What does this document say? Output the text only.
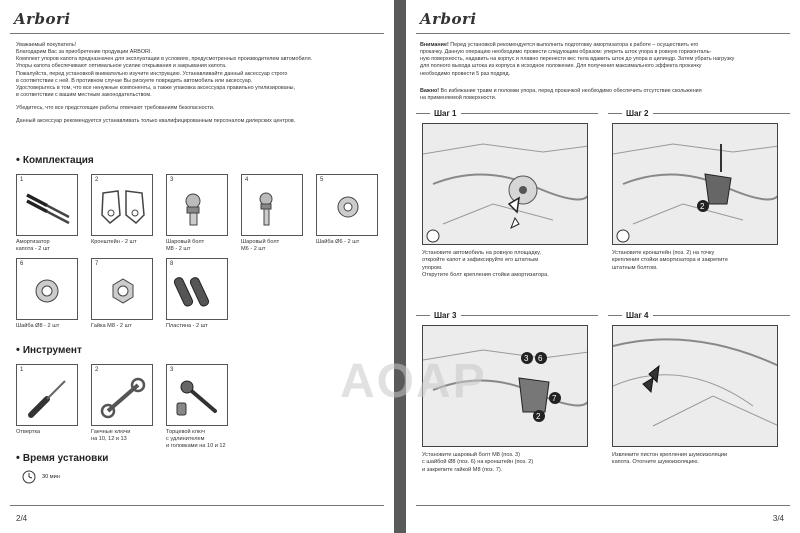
Arbori

Уважаемый покупатель!
Благодарим Вас за приобретение продукции ARBORI.
Комплект упоров капота предназначен для эксплуатации в условиях, предусмотренных производителем автомобиля.
Упоры капота обеспечивают оптимальное усилие открывания и закрывания капота.
Пожалуйста, перед установкой внимательно изучите инструкцию. Устанавливайте данный аксессуар строго
в соответствии с ней. В противном случае Вы рискуете повредить автомобиль или аксессуар.
Удостоверьтесь в том, что все ненужные компоненты, а также упаковка аксессуара правильно утилизированы,
в соответствии с вашим местным законодательством.

Убедитесь, что все предстоящие работы отвечают требованиям безопасности.

Данный аксессуар рекомендуется устанавливать только квалифицированным персоналом дилерских центров.

• Комплектация
1
Амортизатор
капота - 2 шт
2
Кронштейн - 2 шт
3
Шаровый болт
М8 - 2 шт
4
Шаровый болт
М6 - 2 шт
5
Шайба Ø6 - 2 шт
6
Шайба Ø8 - 2 шт
7
Гайка М8 - 2 шт
8
Пластина - 2 шт
• Инструмент
1
Отвертка
2
Гаечные ключи
на 10, 12 и 13
3
Торцевой ключ
с удлинителем
и головками на 10 и 12
• Время установки
30 мин
2/4
Arbori
Внимание! Перед установкой рекомендуется выполнить подготовку амортизатора к работе – осуществить его
прокачку. Данную операцию необходимо провести следующим образом: упереть шток упора в ровную горизонталь-
ную поверхность, надавить на корпус и плавно перенести вес тела вдавить шток до упора в цилиндр. Затем убрать нагрузку
для полного выхода штока из корпуса в исходное положение. Для получения максимального эффекта прокачку
необходимо провести 5 раз подряд.
Важно! Во избежание травм и поломки упора, перед прокачкой необходимо обеспечить отсутствие скольжения
на применяемой поверхности.
Шаг 1
Установите автомобиль на ровную площадку,
откройте капот и зафиксируйте его штатным
упором.
Открутите болт крепления стойки амортизатора.
Шаг 2
2
Установите кронштейн (поз. 2) на точку
крепления стойки амортизатора и закрепите
штатным болтом.
Шаг 3
3 6
7
2
Установите шаровый болт М8 (поз. 3)
с шайбой Ø8 (поз. 6) на кронштейн (поз. 2)
и закрепите гайкой М8 (поз. 7).
Шаг 4
Извлеките пистон крепления шумоизоляции
капота. Отогните шумоизоляцию.
3/4
AOAP
